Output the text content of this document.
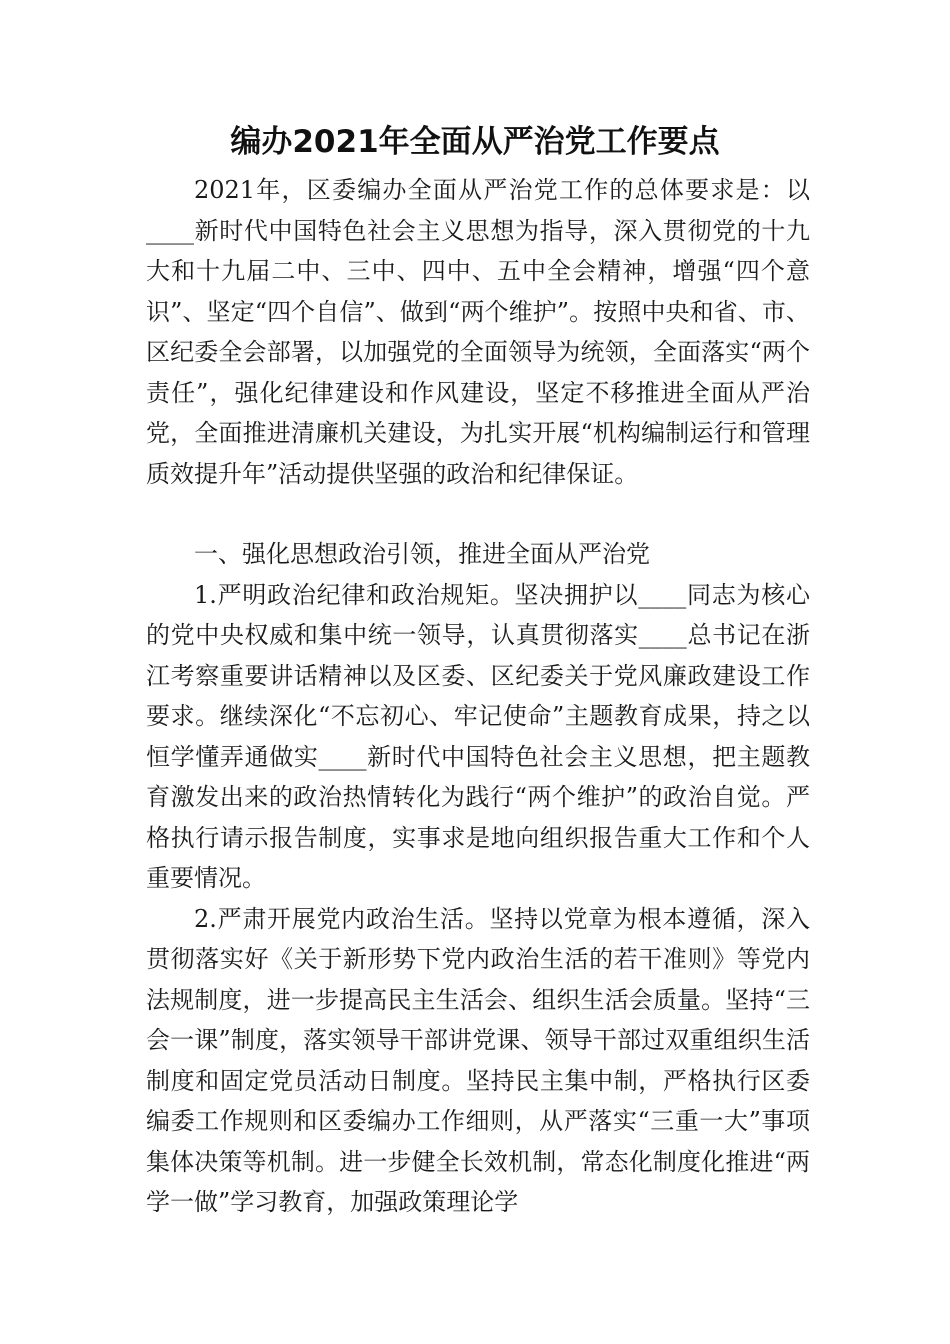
编办2021年全面从严治党工作要点

2021年，区委编办全面从严治党工作的总体要求是：以____新时代中国特色社会主义思想为指导，深入贯彻党的十九大和十九届二中、三中、四中、五中全会精神，增强“四个意识”、坚定“四个自信”、做到“两个维护”。按照中央和省、市、区纪委全会部署，以加强党的全面领导为统领，全面落实“两个责任”，强化纪律建设和作风建设，坚定不移推进全面从严治党，全面推进清廉机关建设，为扎实开展“机构编制运行和管理质效提升年”活动提供坚强的政治和纪律保证。

一、强化思想政治引领，推进全面从严治党

1.严明政治纪律和政治规矩。坚决拥护以____同志为核心的党中央权威和集中统一领导，认真贯彻落实____总书记在浙江考察重要讲话精神以及区委、区纪委关于党风廉政建设工作要求。继续深化“不忘初心、牢记使命”主题教育成果，持之以恒学懂弄通做实____新时代中国特色社会主义思想，把主题教育激发出来的政治热情转化为践行“两个维护”的政治自觉。严格执行请示报告制度，实事求是地向组织报告重大工作和个人重要情况。

2.严肃开展党内政治生活。坚持以党章为根本遵循，深入贯彻落实好《关于新形势下党内政治生活的若干准则》等党内法规制度，进一步提高民主生活会、组织生活会质量。坚持“三会一课”制度，落实领导干部讲党课、领导干部过双重组织生活制度和固定党员活动日制度。坚持民主集中制，严格执行区委编委工作规则和区委编办工作细则，从严落实“三重一大”事项集体决策等机制。进一步健全长效机制，常态化制度化推进“两学一做”学习教育，加强政策理论学
